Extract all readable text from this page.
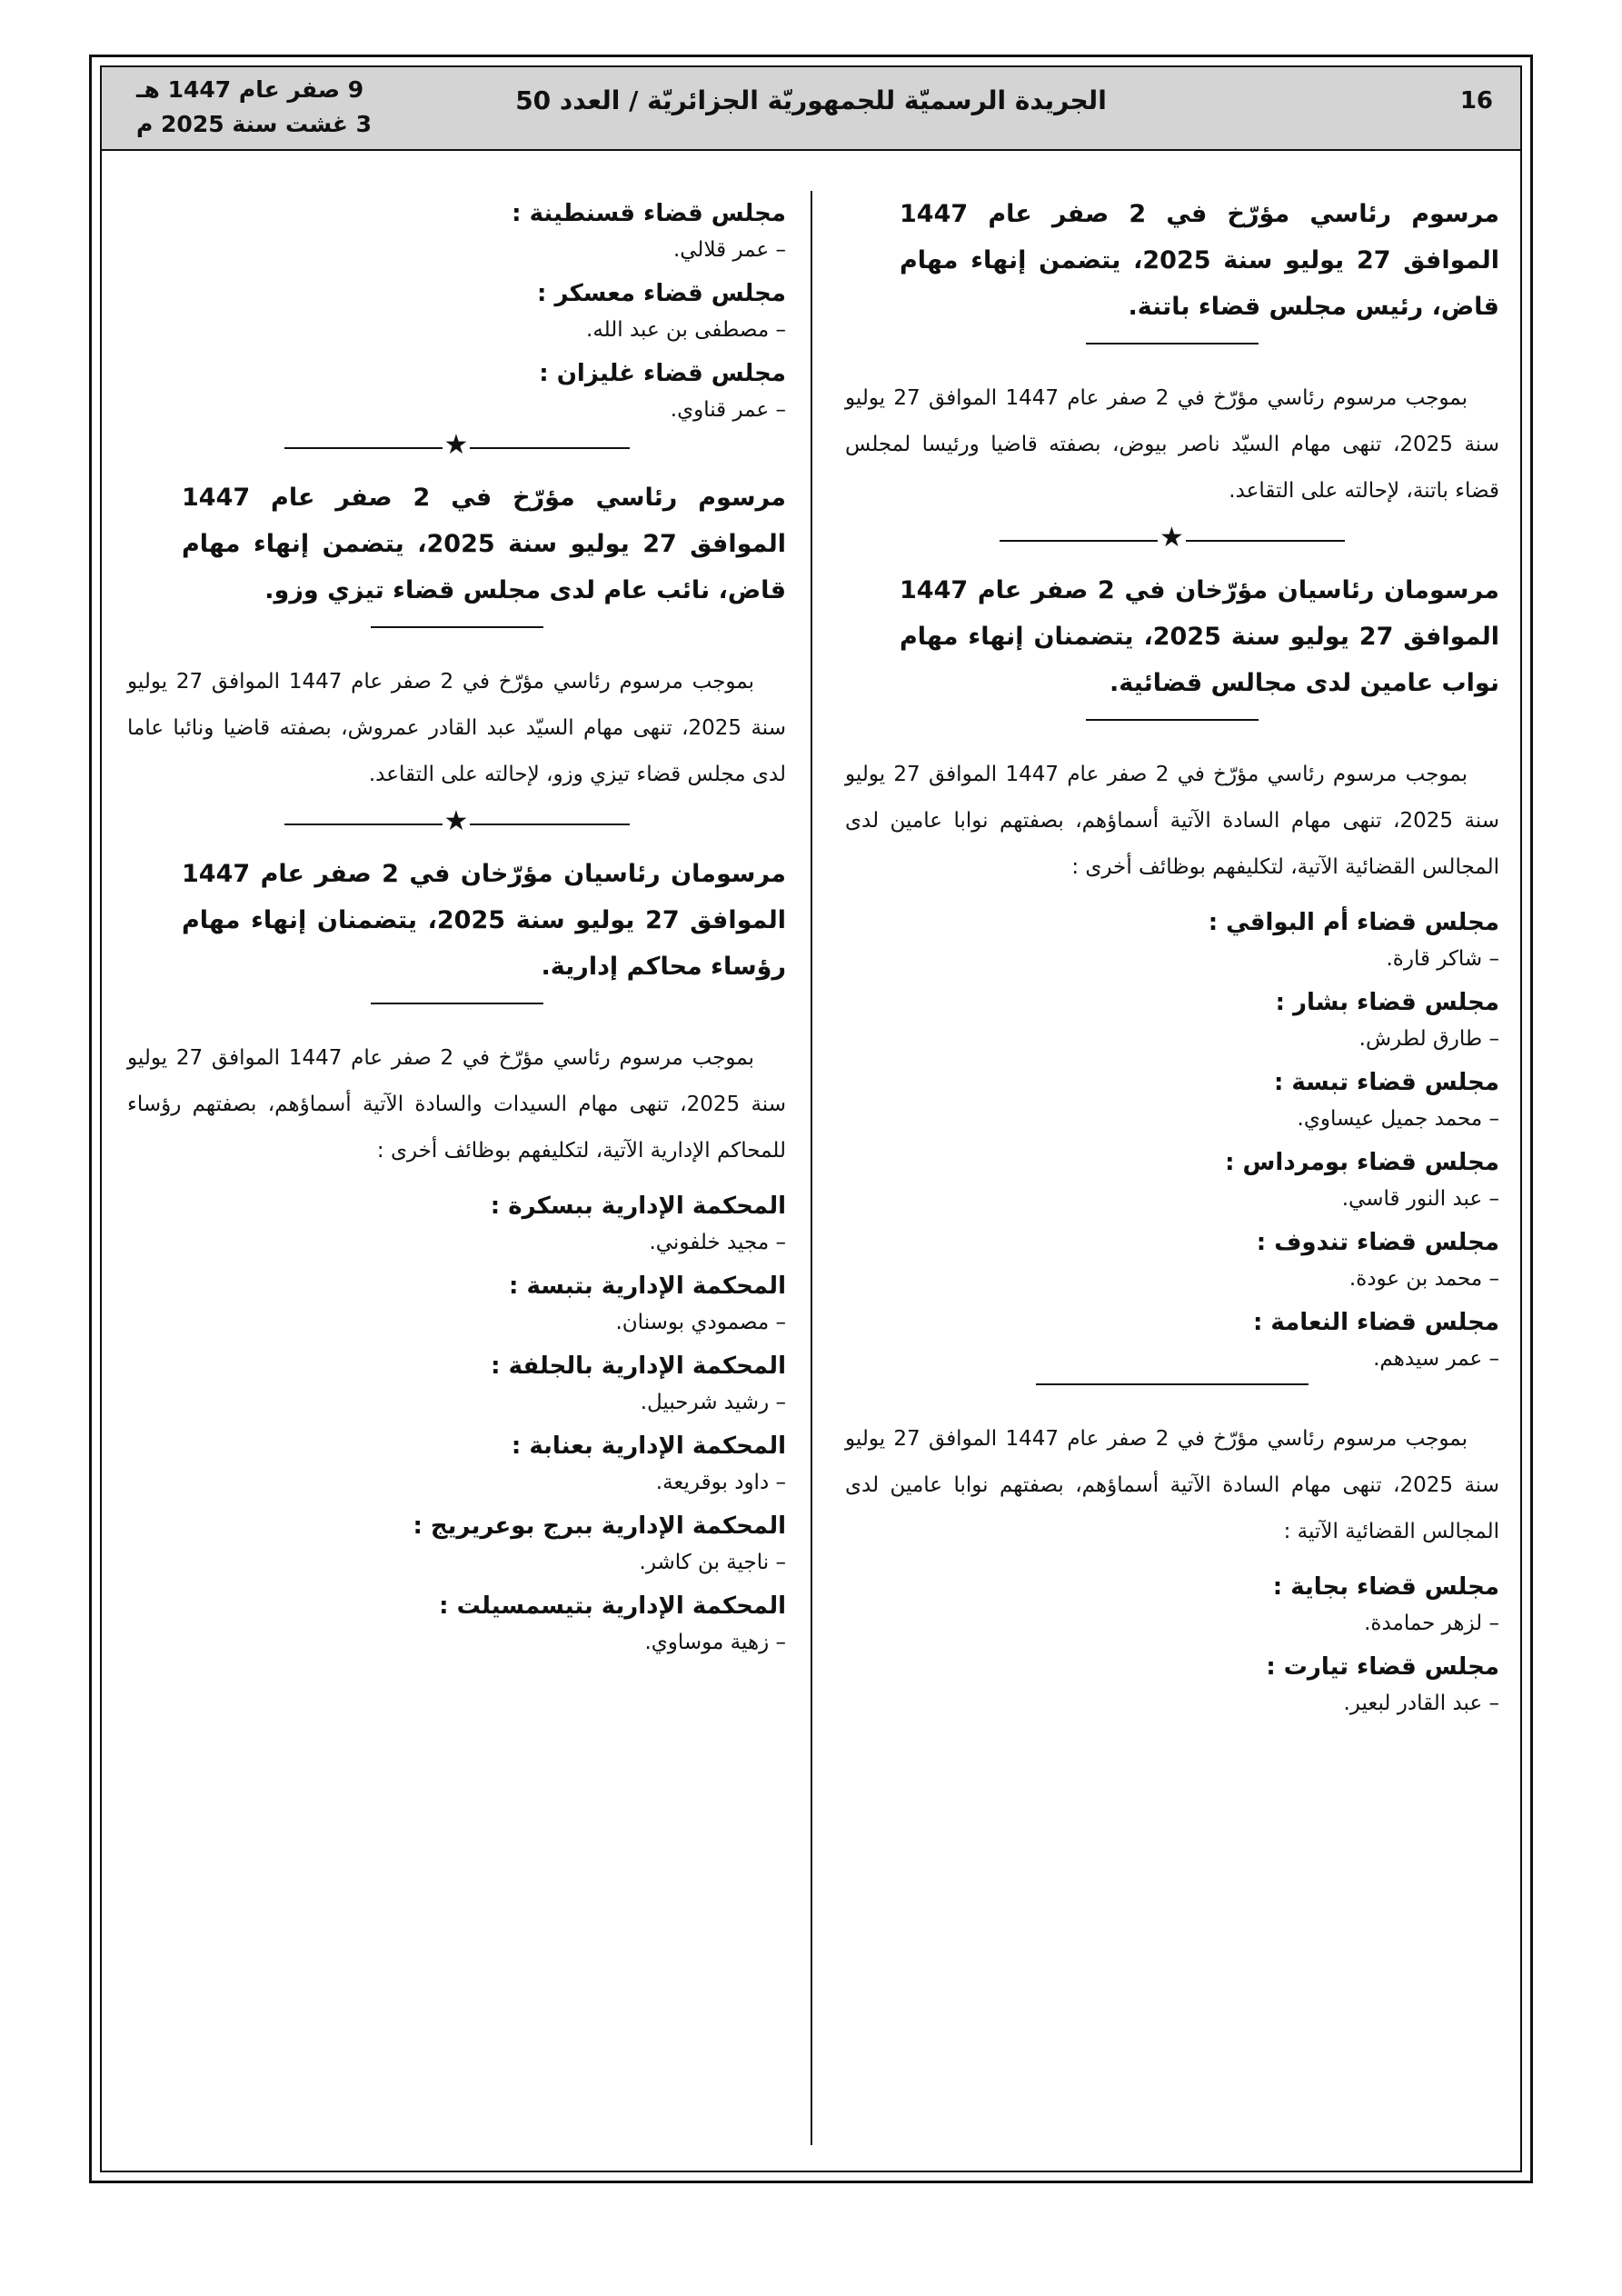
16
الجريدة الرسميّة للجمهوريّة الجزائريّة / العدد 50
9 صفر عام 1447 هـ
3 غشت سنة 2025 م

مرسوم رئاسي مؤرّخ في 2 صفر عام 1447 الموافق 27 يوليو سنة 2025، يتضمن إنهاء مهام قاض، رئيس مجلس قضاء باتنة.

بموجب مرسوم رئاسي مؤرّخ في 2 صفر عام 1447 الموافق 27 يوليو سنة 2025، تنهى مهام السيّد ناصر بيوض، بصفته قاضيا ورئيسا لمجلس قضاء باتنة، لإحالته على التقاعد.

★

مرسومان رئاسيان مؤرّخان في 2 صفر عام 1447 الموافق 27 يوليو سنة 2025، يتضمنان إنهاء مهام نواب عامين لدى مجالس قضائية.

بموجب مرسوم رئاسي مؤرّخ في 2 صفر عام 1447 الموافق 27 يوليو سنة 2025، تنهى مهام السادة الآتية أسماؤهم، بصفتهم نوابا عامين لدى المجالس القضائية الآتية، لتكليفهم بوظائف أخرى :

مجلس قضاء أم البواقي :
– شاكر قارة.
مجلس قضاء بشار :
– طارق لطرش.
مجلس قضاء تبسة :
– محمد جميل عيساوي.
مجلس قضاء بومرداس :
– عبد النور قاسي.
مجلس قضاء تندوف :
– محمد بن عودة.
مجلس قضاء النعامة :
– عمر سيدهم.

بموجب مرسوم رئاسي مؤرّخ في 2 صفر عام 1447 الموافق 27 يوليو سنة 2025، تنهى مهام السادة الآتية أسماؤهم، بصفتهم نوابا عامين لدى المجالس القضائية الآتية :

مجلس قضاء بجاية :
– لزهر حمامدة.
مجلس قضاء تيارت :
– عبد القادر لبعير.
مجلس قضاء قسنطينة :
– عمر قلالي.
مجلس قضاء معسكر :
– مصطفى بن عبد الله.
مجلس قضاء غليزان :
– عمر قناوي.
★

مرسوم رئاسي مؤرّخ في 2 صفر عام 1447 الموافق 27 يوليو سنة 2025، يتضمن إنهاء مهام قاض، نائب عام لدى مجلس قضاء تيزي وزو.

بموجب مرسوم رئاسي مؤرّخ في 2 صفر عام 1447 الموافق 27 يوليو سنة 2025، تنهى مهام السيّد عبد القادر عمروش، بصفته قاضيا ونائبا عاما لدى مجلس قضاء تيزي وزو، لإحالته على التقاعد.

★

مرسومان رئاسيان مؤرّخان في 2 صفر عام 1447 الموافق 27 يوليو سنة 2025، يتضمنان إنهاء مهام رؤساء محاكم إدارية.

بموجب مرسوم رئاسي مؤرّخ في 2 صفر عام 1447 الموافق 27 يوليو سنة 2025، تنهى مهام السيدات والسادة الآتية أسماؤهم، بصفتهم رؤساء للمحاكم الإدارية الآتية، لتكليفهم بوظائف أخرى :

المحكمة الإدارية ببسكرة :
– مجيد خلفوني.
المحكمة الإدارية بتبسة :
– مصمودي بوسنان.
المحكمة الإدارية بالجلفة :
– رشيد شرحبيل.
المحكمة الإدارية بعنابة :
– داود بوقريعة.
المحكمة الإدارية ببرج بوعريريج :
– ناجية بن كاشر.
المحكمة الإدارية بتيسمسيلت :
– زهية موساوي.
